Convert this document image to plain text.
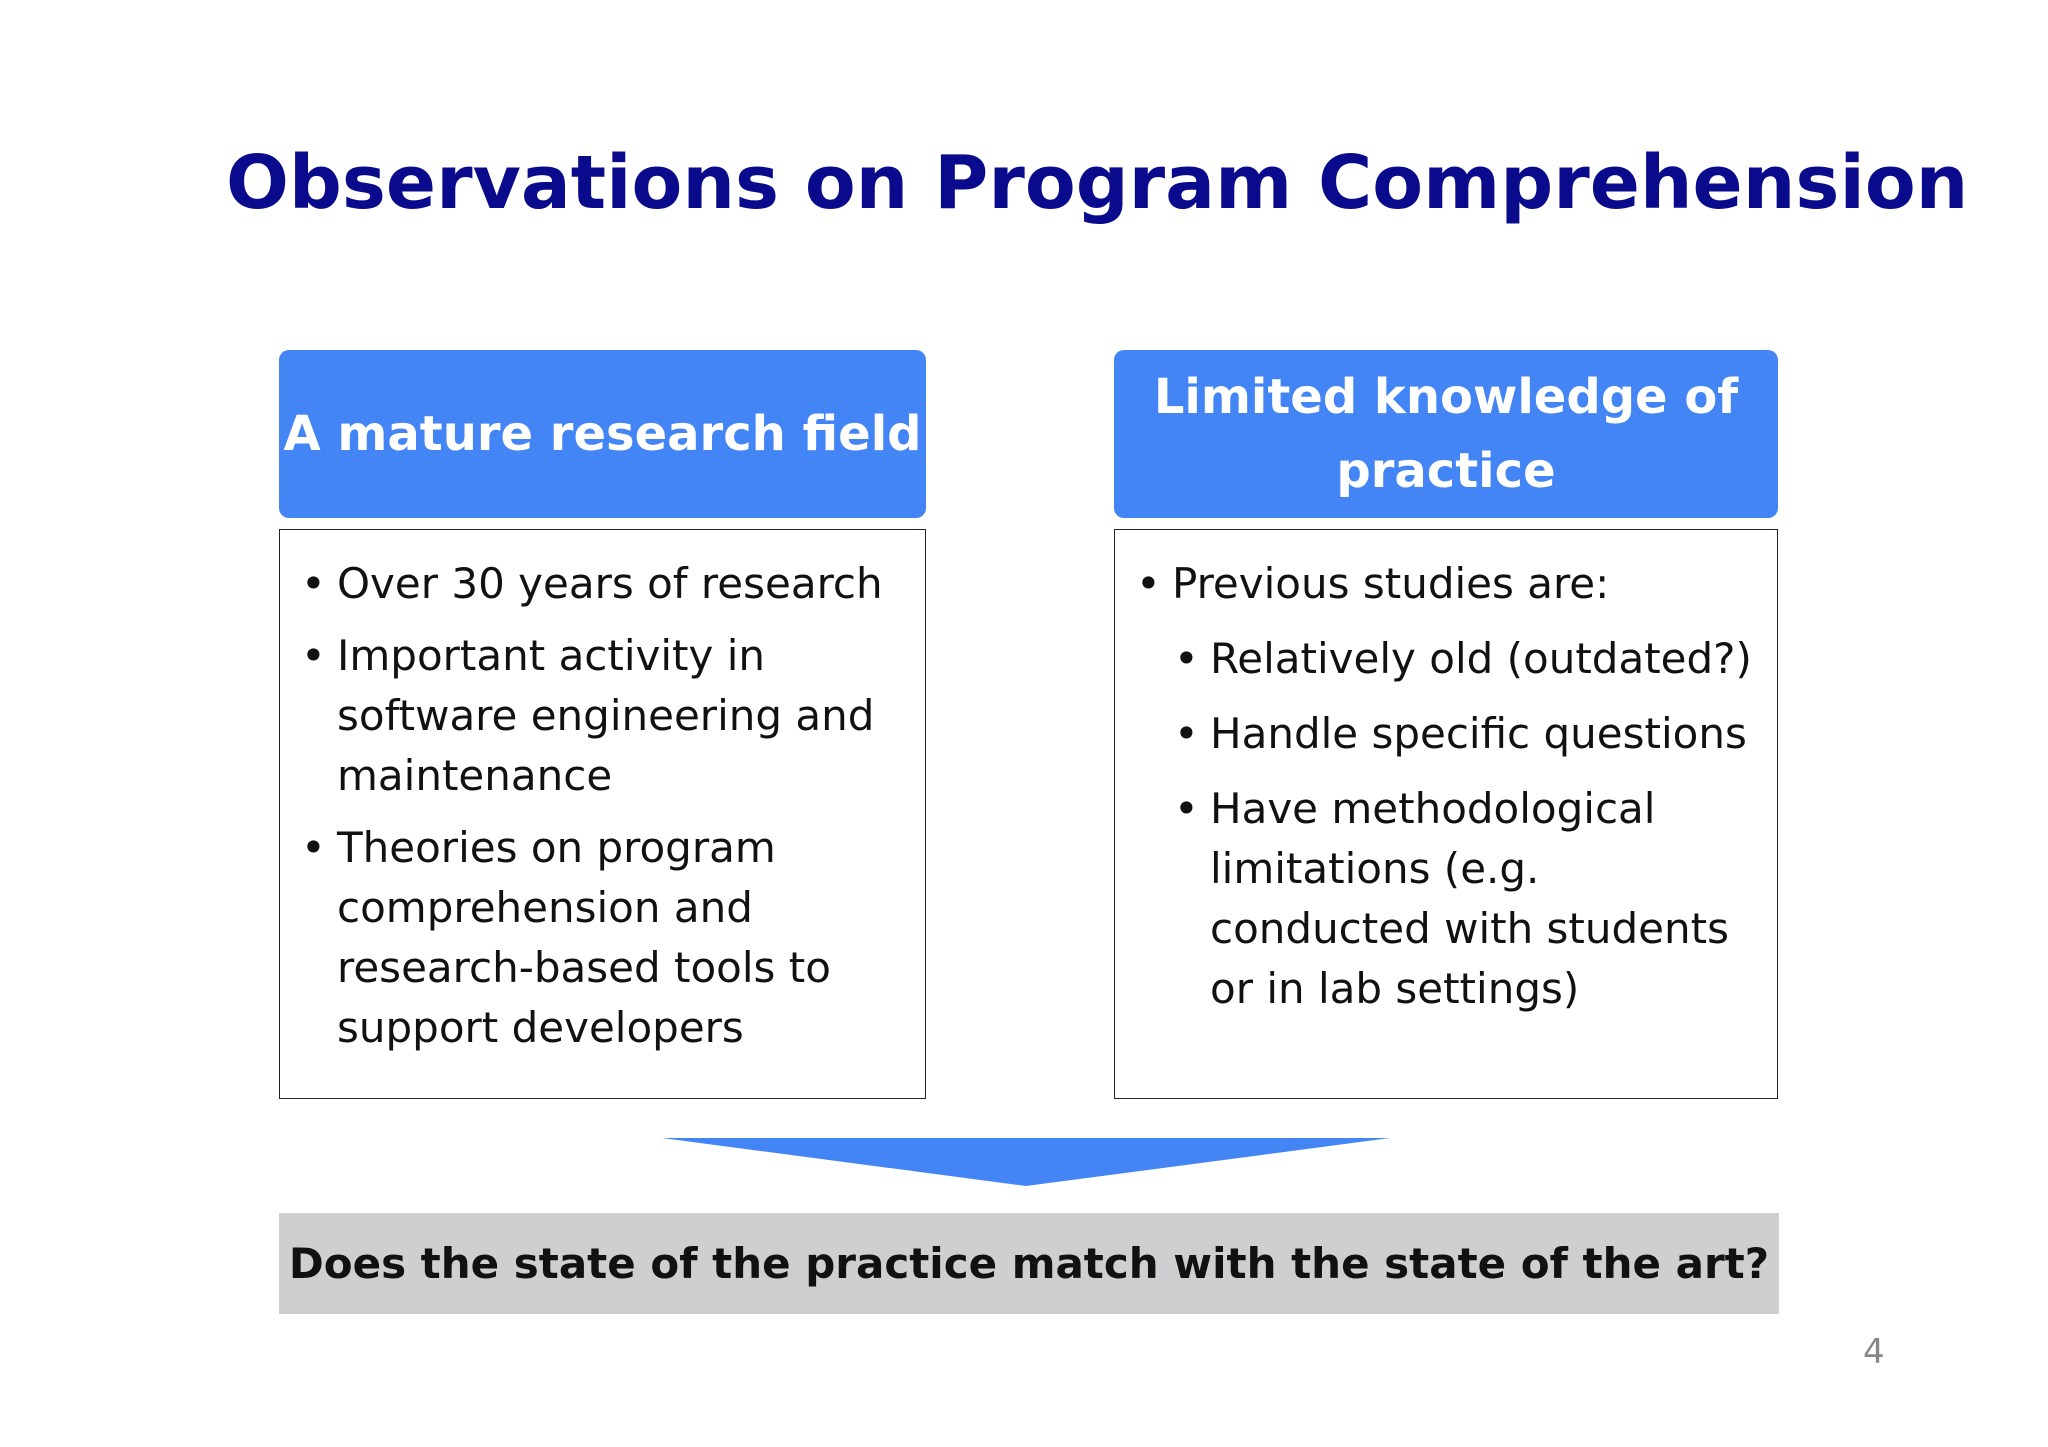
Observations on Program Comprehension
A mature research field
Limited knowledge of
practice
• Over 30 years of research
• Important activity in software engineering and maintenance
• Theories on program comprehension and research-based tools to support developers
• Previous studies are:
• Relatively old (outdated?)
• Handle specific questions
• Have methodological limitations (e.g. conducted with students or in lab settings)
Does the state of the practice match with the state of the art?
4
